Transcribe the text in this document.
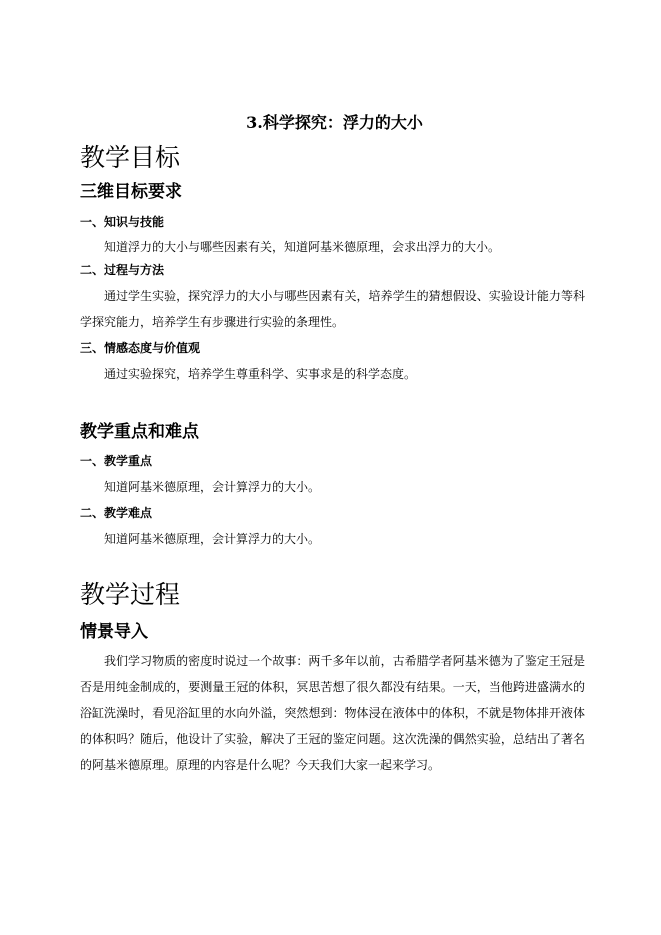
3.科学探究：浮力的大小
教学目标
三维目标要求
一、知识与技能
知道浮力的大小与哪些因素有关，知道阿基米德原理，会求出浮力的大小。
二、过程与方法
通过学生实验，探究浮力的大小与哪些因素有关，培养学生的猜想假设、实验设计能力等科学探究能力，培养学生有步骤进行实验的条理性。
三、情感态度与价值观
通过实验探究，培养学生尊重科学、实事求是的科学态度。
教学重点和难点
一、教学重点
知道阿基米德原理，会计算浮力的大小。
二、教学难点
知道阿基米德原理，会计算浮力的大小。
教学过程
情景导入
我们学习物质的密度时说过一个故事：两千多年以前，古希腊学者阿基米德为了鉴定王冠是否是用纯金制成的，要测量王冠的体积，冥思苦想了很久都没有结果。一天，当他跨进盛满水的浴缸洗澡时，看见浴缸里的水向外溢，突然想到：物体浸在液体中的体积，不就是物体排开液体的体积吗？随后，他设计了实验，解决了王冠的鉴定问题。这次洗澡的偶然实验，总结出了著名的阿基米德原理。原理的内容是什么呢？今天我们大家一起来学习。
